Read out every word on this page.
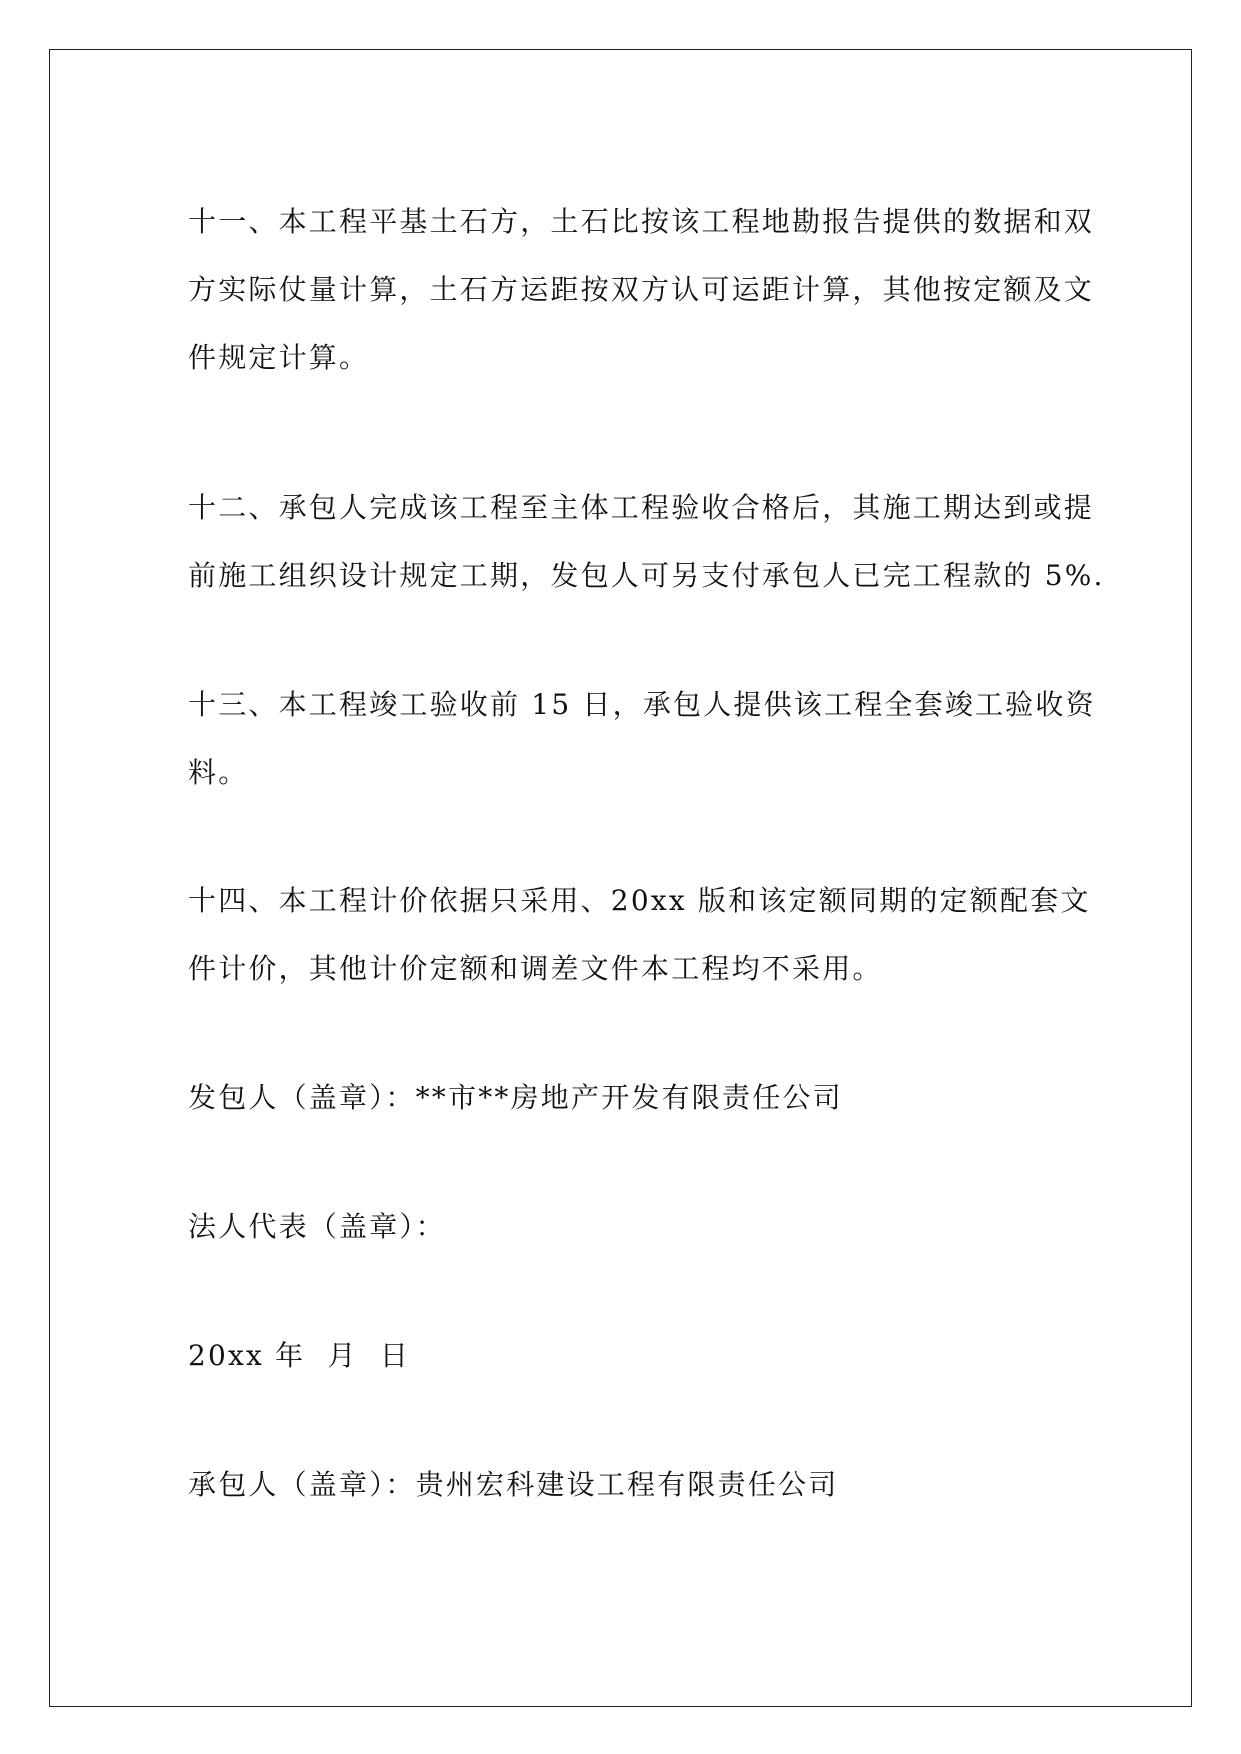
十一、本工程平基土石方，土石比按该工程地勘报告提供的数据和双
方实际仗量计算，土石方运距按双方认可运距计算，其他按定额及文
件规定计算。

十二、承包人完成该工程至主体工程验收合格后，其施工期达到或提
前施工组织设计规定工期，发包人可另支付承包人已完工程款的 5%.

十三、本工程竣工验收前 15 日，承包人提供该工程全套竣工验收资
料。

十四、本工程计价依据只采用、20xx 版和该定额同期的定额配套文
件计价，其他计价定额和调差文件本工程均不采用。

发包人（盖章）：**市**房地产开发有限责任公司

法人代表（盖章）：

20xx 年  月  日

承包人（盖章）：贵州宏科建设工程有限责任公司
